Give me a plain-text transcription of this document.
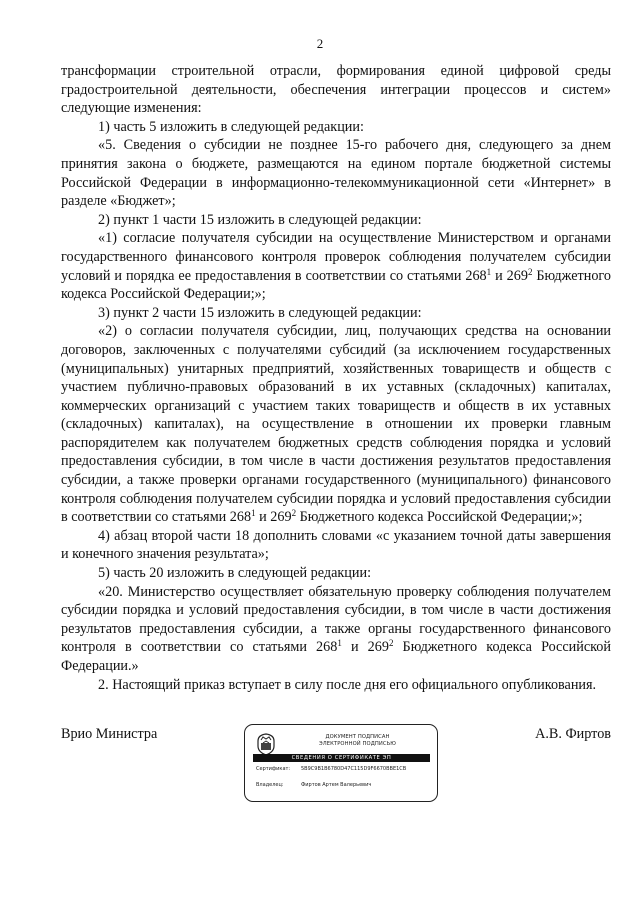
2

трансформации строительной отрасли, формирования единой цифровой среды градостроительной деятельности, обеспечения интеграции процессов и систем» следующие изменения:

1) часть 5 изложить в следующей редакции:

«5. Сведения о субсидии не позднее 15-го рабочего дня, следующего за днем принятия закона о бюджете, размещаются на едином портале бюджетной системы Российской Федерации в информационно-телекоммуникационной сети «Интернет» в разделе «Бюджет»;

2) пункт 1 части 15 изложить в следующей редакции:

«1) согласие получателя субсидии на осуществление Министерством и органами государственного финансового контроля проверок соблюдения получателем субсидии условий и порядка ее предоставления в соответствии со статьями $268^1$ и $269^2$ Бюджетного кодекса Российской Федерации;»;

3) пункт 2 части 15 изложить в следующей редакции:

«2) о согласии получателя субсидии, лиц, получающих средства на основании договоров, заключенных с получателями субсидий (за исключением государственных (муниципальных) унитарных предприятий, хозяйственных товариществ и обществ с участием публично-правовых образований в их уставных (складочных) капиталах, коммерческих организаций с участием таких товариществ и обществ в их уставных (складочных) капиталах), на осуществление в отношении их проверки главным распорядителем как получателем бюджетных средств соблюдения порядка и условий предоставления субсидии, в том числе в части достижения результатов предоставления субсидии, а также проверки органами государственного (муниципального) финансового контроля соблюдения получателем субсидии порядка и условий предоставления субсидии в соответствии со статьями $268^1$ и $269^2$ Бюджетного кодекса Российской Федерации;»;

4) абзац второй части 18 дополнить словами «с указанием точной даты завершения и конечного значения результата»;

5) часть 20 изложить в следующей редакции:

«20. Министерство осуществляет обязательную проверку соблюдения получателем субсидии порядка и условий предоставления субсидии, в том числе в части достижения результатов предоставления субсидии, а также органы государственного финансового контроля в соответствии со статьями $268^1$ и $269^2$ Бюджетного кодекса Российской Федерации.»

2. Настоящий приказ вступает в силу после дня его официального опубликования.

Врио Министра	ДОКУМЕНТ ПОДПИСАН
ЭЛЕКТРОННОЙ ПОДПИСЬЮ
СВЕДЕНИЯ О СЕРТИФИКАТЕ ЭП
Сертификат: 5B9C9B1B6780D47C115D9F6670BBE1CB
Владелец:	Фиртов Артем Валерьевич
А.В. Фиртов
